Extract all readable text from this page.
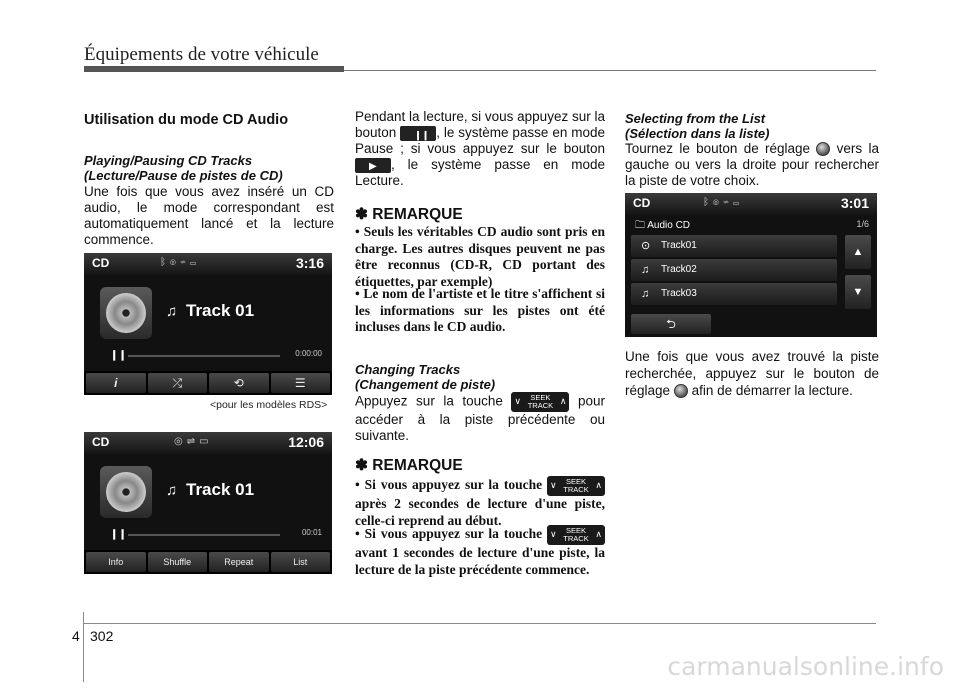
Équipements de votre véhicule
Utilisation du mode CD Audio
Playing/Pausing CD Tracks
(Lecture/Pause de pistes de CD)
Une fois que vous avez inséré un CD audio, le mode correspondant est automatiquement lancé et la lecture commence.
CD	ᛒ◎⇌▭	3:16
♫ Track 01
❙❙	0:00:00
i	⤮	⟲	☰
<pour les modèles RDS>
CD	◎⇌▭	12:06
♫ Track 01
❙❙	00:01
Info	Shuffle	Repeat	List
Pendant la lecture, si vous appuyez sur la bouton ❙❙ , le système passe en mode Pause ; si vous appuyez sur le bouton
▶ , le système passe en mode Lecture.
✽ REMARQUE
• Seuls les véritables CD audio sont pris en charge. Les autres disques peuvent ne pas être reconnus (CD-R, CD portant des étiquettes, par exemple)
• Le nom de l'artiste et le titre s'affichent si les informations sur les pistes ont été incluses dans le CD audio.
Changing Tracks
(Changement de piste)
Appuyez sur la touche ∨ SEEK
TRACK ∧ pour accéder à la piste précédente ou suivante.
✽ REMARQUE
• Si vous appuyez sur la touche ∨ SEEK
TRACK ∧
après 2 secondes de lecture d'une piste, celle-ci reprend au début.
• Si vous appuyez sur la touche ∨ SEEK
TRACK ∧
avant 1 secondes de lecture d'une piste, la lecture de la piste précédente commence.
Selecting from the List
(Sélection dans la liste)
Tournez le bouton de réglage vers la gauche ou vers la droite pour rechercher la piste de votre choix.
CD	ᛒ◎⇌▭	3:01
🗀 Audio CD	1/6
⊙ Track01
♫ Track02
♫ Track03
▲
▼
⮌
Une fois que vous avez trouvé la piste recherchée, appuyez sur le bouton de réglage afin de démarrer la lecture.
4 302
carmanualsonline.info
